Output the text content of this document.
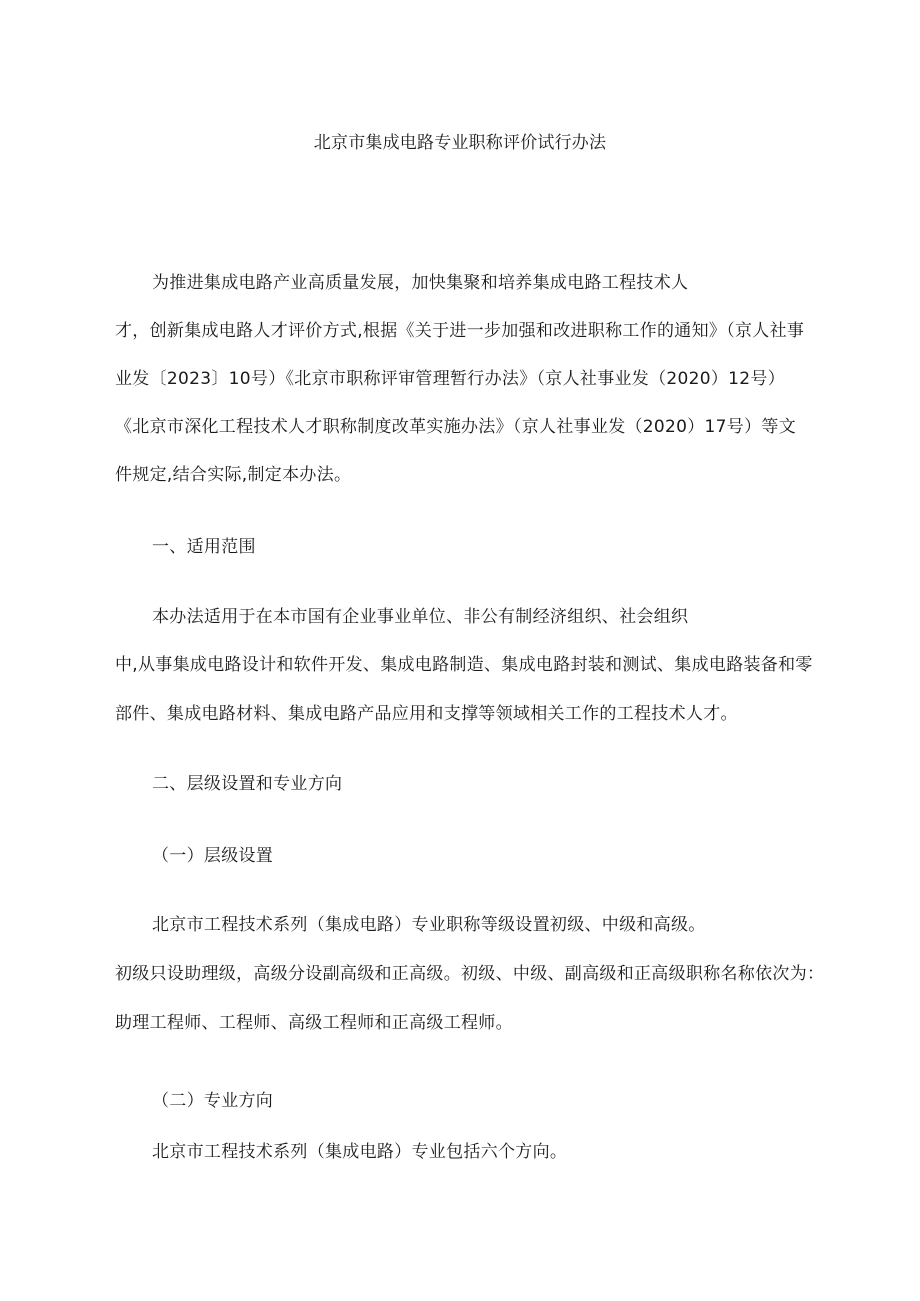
北京市集成电路专业职称评价试行办法
为推进集成电路产业高质量发展，加快集聚和培养集成电路工程技术人
才，创新集成电路人才评价方式,根据《关于进一步加强和改进职称工作的通知》（京人社事
业发〔2023〕10号）《北京市职称评审管理暂行办法》（京人社事业发（2020）12号）
《北京市深化工程技术人才职称制度改革实施办法》（京人社事业发（2020）17号）等文
件规定,结合实际,制定本办法。
一、适用范围
本办法适用于在本市国有企业事业单位、非公有制经济组织、社会组织
中,从事集成电路设计和软件开发、集成电路制造、集成电路封装和测试、集成电路装备和零
部件、集成电路材料、集成电路产品应用和支撑等领域相关工作的工程技术人才。
二、层级设置和专业方向
（一）层级设置
北京市工程技术系列（集成电路）专业职称等级设置初级、中级和高级。
初级只设助理级，高级分设副高级和正高级。初级、中级、副高级和正高级职称名称依次为：
助理工程师、工程师、高级工程师和正高级工程师。
（二）专业方向
北京市工程技术系列（集成电路）专业包括六个方向。
